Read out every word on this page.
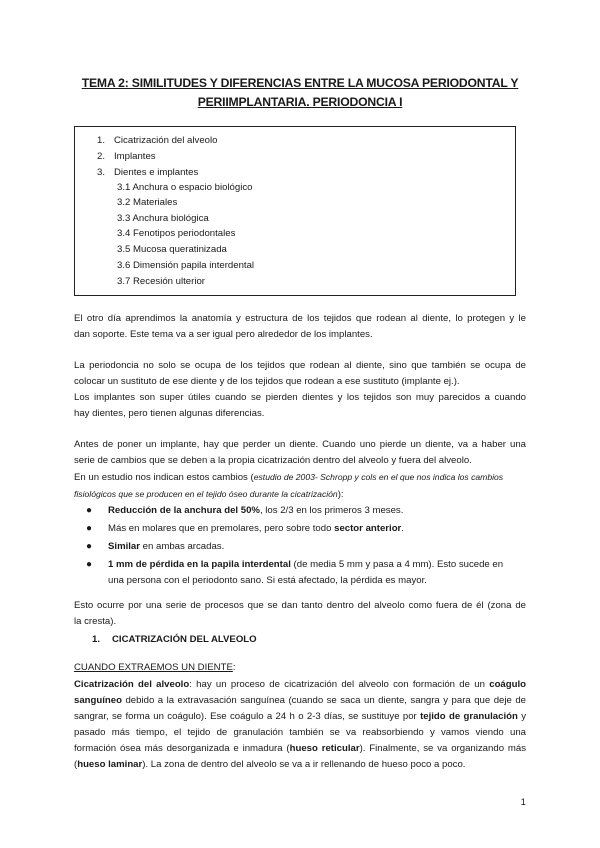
TEMA 2: SIMILITUDES Y DIFERENCIAS ENTRE LA MUCOSA PERIODONTAL Y
PERIIMPLANTARIA. PERIODONCIA I
1. Cicatrización del alveolo
2. Implantes
3. Dientes e implantes
3.1 Anchura o espacio biológico
3.2 Materiales
3.3 Anchura biológica
3.4 Fenotipos periodontales
3.5 Mucosa queratinizada
3.6 Dimensión papila interdental
3.7 Recesión ulterior
El otro día aprendimos la anatomía y estructura de los tejidos que rodean al diente, lo protegen y le
dan soporte. Este tema va a ser igual pero alrededor de los implantes.
La periodoncia no solo se ocupa de los tejidos que rodean al diente, sino que también se ocupa de
colocar un sustituto de ese diente y de los tejidos que rodean a ese sustituto (implante ej.).
Los implantes son super útiles cuando se pierden dientes y los tejidos son muy parecidos a cuando
hay dientes, pero tienen algunas diferencias.
Antes de poner un implante, hay que perder un diente. Cuando uno pierde un diente, va a haber una
serie de cambios que se deben a la propia cicatrización dentro del alveolo y fuera del alveolo.
En un estudio nos indican estos cambios (estudio de 2003- Schropp y cols en el que nos indica los cambios
fisiológicos que se producen en el tejido óseo durante la cicatrización):
● Reducción de la anchura del 50%, los 2/3 en los primeros 3 meses.
● Más en molares que en premolares, pero sobre todo sector anterior.
● Similar en ambas arcadas.
● 1 mm de pérdida en la papila interdental (de media 5 mm y pasa a 4 mm). Esto sucede en
una persona con el periodonto sano. Si está afectado, la pérdida es mayor.
Esto ocurre por una serie de procesos que se dan tanto dentro del alveolo como fuera de él (zona de
la cresta).
1. CICATRIZACIÓN DEL ALVEOLO
CUANDO EXTRAEMOS UN DIENTE:
Cicatrización del alveolo: hay un proceso de cicatrización del alveolo con formación de un coágulo
sanguíneo debido a la extravasación sanguínea (cuando se saca un diente, sangra y para que deje de
sangrar, se forma un coágulo). Ese coágulo a 24 h o 2-3 días, se sustituye por tejido de granulación y
pasado más tiempo, el tejido de granulación también se va reabsorbiendo y vamos viendo una
formación ósea más desorganizada e inmadura (hueso reticular). Finalmente, se va organizando más
(hueso laminar). La zona de dentro del alveolo se va a ir rellenando de hueso poco a poco.
1
